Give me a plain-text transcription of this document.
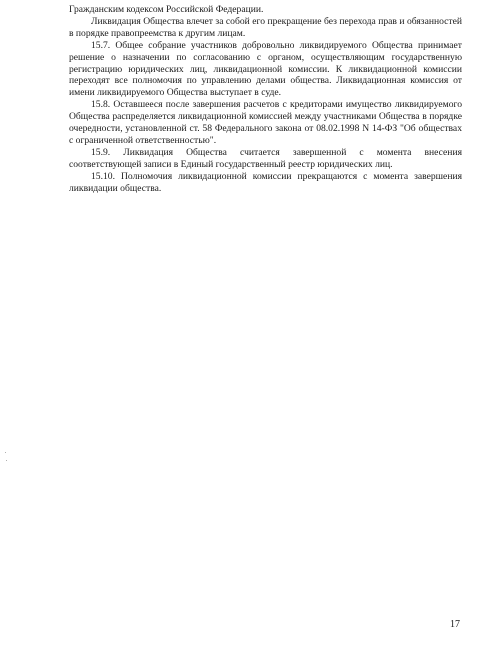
Гражданским кодексом Российской Федерации.

Ликвидация Общества влечет за собой его прекращение без перехода прав и обязанностей в порядке правопреемства к другим лицам.

15.7. Общее собрание участников добровольно ликвидируемого Общества принимает решение о назначении по согласованию с органом, осуществляющим государственную регистрацию юридических лиц, ликвидационной комиссии. К ликвидационной комиссии переходят все полномочия по управлению делами общества. Ликвидационная комиссия от имени ликвидируемого Общества выступает в суде.

15.8. Оставшееся после завершения расчетов с кредиторами имущество ликвидируемого Общества распределяется ликвидационной комиссией между участниками Общества в порядке очередности, установленной ст. 58 Федерального закона от 08.02.1998 N 14-ФЗ "Об обществах с ограниченной ответственностью".

15.9. Ликвидация Общества считается завершенной с момента внесения соответствующей записи в Единый государственный реестр юридических лиц.

15.10. Полномочия ликвидационной комиссии прекращаются с момента завершения ликвидации общества.

17
